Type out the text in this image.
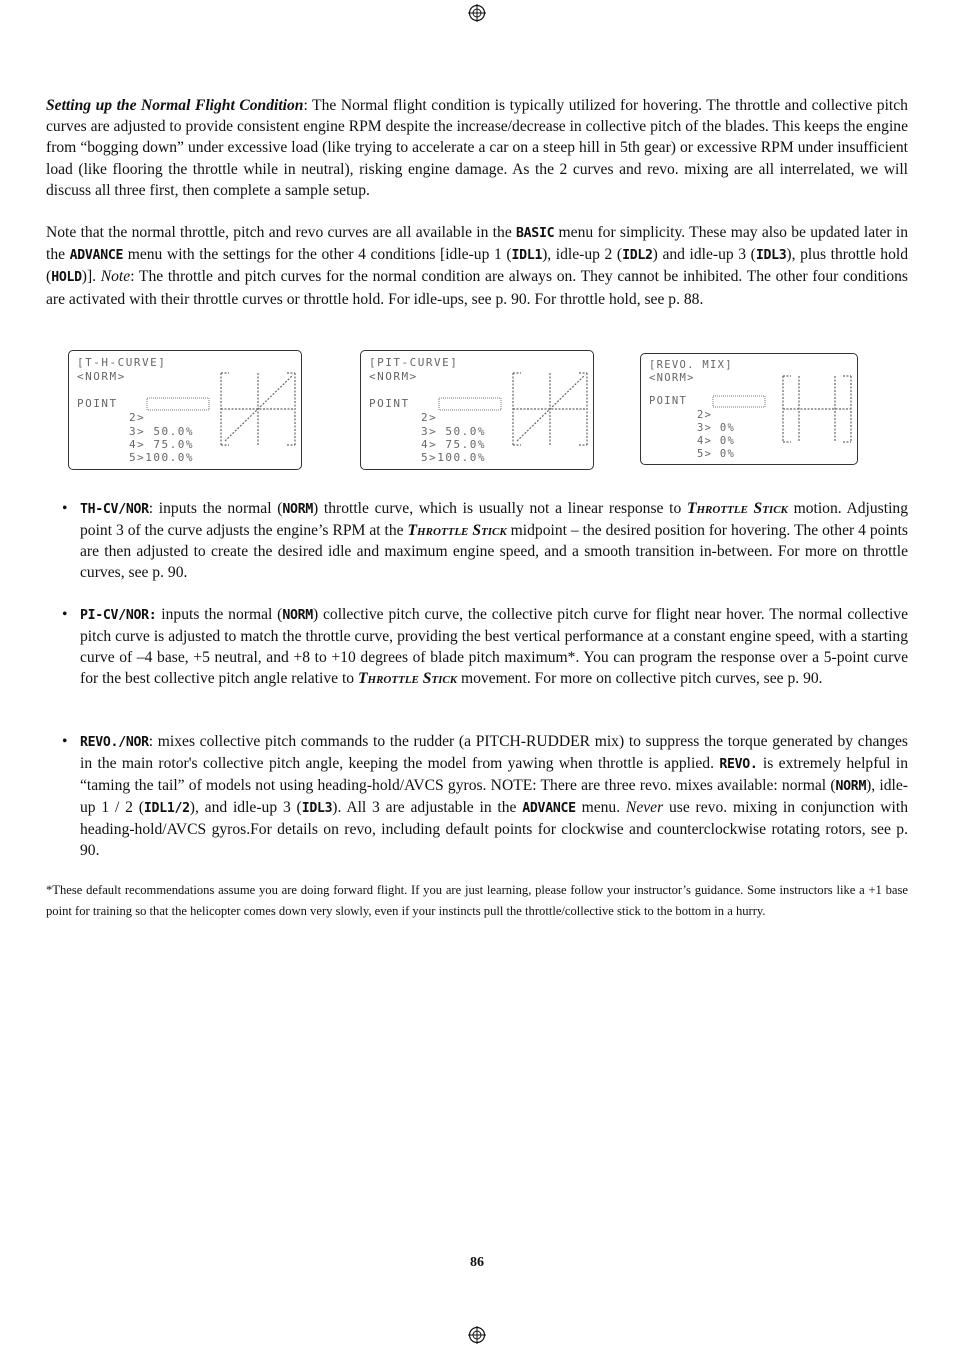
Setting up the Normal Flight Condition: The Normal flight condition is typically utilized for hovering. The throttle and collective pitch curves are adjusted to provide consistent engine RPM despite the increase/decrease in collective pitch of the blades. This keeps the engine from “bogging down” under excessive load (like trying to accelerate a car on a steep hill in 5th gear) or excessive RPM under insufficient load (like flooring the throttle while in neutral), risking engine damage. As the 2 curves and revo. mixing are all interrelated, we will discuss all three first, then complete a sample setup.

Note that the normal throttle, pitch and revo curves are all available in the BASIC menu for simplicity. These may also be updated later in the ADVANCE menu with the settings for the other 4 conditions [idle-up 1 (IDL1), idle-up 2 (IDL2) and idle-up 3 (IDL3), plus throttle hold (HOLD)]. Note: The throttle and pitch curves for the normal condition are always on. They cannot be inhibited. The other four conditions are activated with their throttle curves or throttle hold. For idle-ups, see p. 90. For throttle hold, see p. 88.

[T-H-CURVE]
<NORM>
POINT
2>
3> 50.0%
4> 75.0%
5>100.0%
[PIT-CURVE]
<NORM>
POINT
2>
3> 50.0%
4> 75.0%
5>100.0%
[REVO. MIX]
<NORM>
POINT
2>
3> 0%
4> 0%
5> 0%

• TH-CV/NOR: inputs the normal (NORM) throttle curve, which is usually not a linear response to Throttle Stick motion. Adjusting point 3 of the curve adjusts the engine’s RPM at the Throttle Stick midpoint – the desired position for hovering. The other 4 points are then adjusted to create the desired idle and maximum engine speed, and a smooth transition in-between. For more on throttle curves, see p. 90.

• PI-CV/NOR: inputs the normal (NORM) collective pitch curve, the collective pitch curve for flight near hover. The normal collective pitch curve is adjusted to match the throttle curve, providing the best vertical performance at a constant engine speed, with a starting curve of –4 base, +5 neutral, and +8 to +10 degrees of blade pitch maximum*. You can program the response over a 5-point curve for the best collective pitch angle relative to Throttle Stick movement. For more on collective pitch curves, see p. 90.

• REVO./NOR: mixes collective pitch commands to the rudder (a PITCH-RUDDER mix) to suppress the torque generated by changes in the main rotor's collective pitch angle, keeping the model from yawing when throttle is applied. REVO. is extremely helpful in “taming the tail” of models not using heading-hold/AVCS gyros. NOTE: There are three revo. mixes available: normal (NORM), idle-up 1 / 2 (IDL1/2), and idle-up 3 (IDL3). All 3 are adjustable in the ADVANCE menu. Never use revo. mixing in conjunction with heading-hold/AVCS gyros.For details on revo, including default points for clockwise and counterclockwise rotating rotors, see p. 90.

*These default recommendations assume you are doing forward flight. If you are just learning, please follow your instructor’s guidance. Some instructors like a +1 base point for training so that the helicopter comes down very slowly, even if your instincts pull the throttle/collective stick to the bottom in a hurry.

86
